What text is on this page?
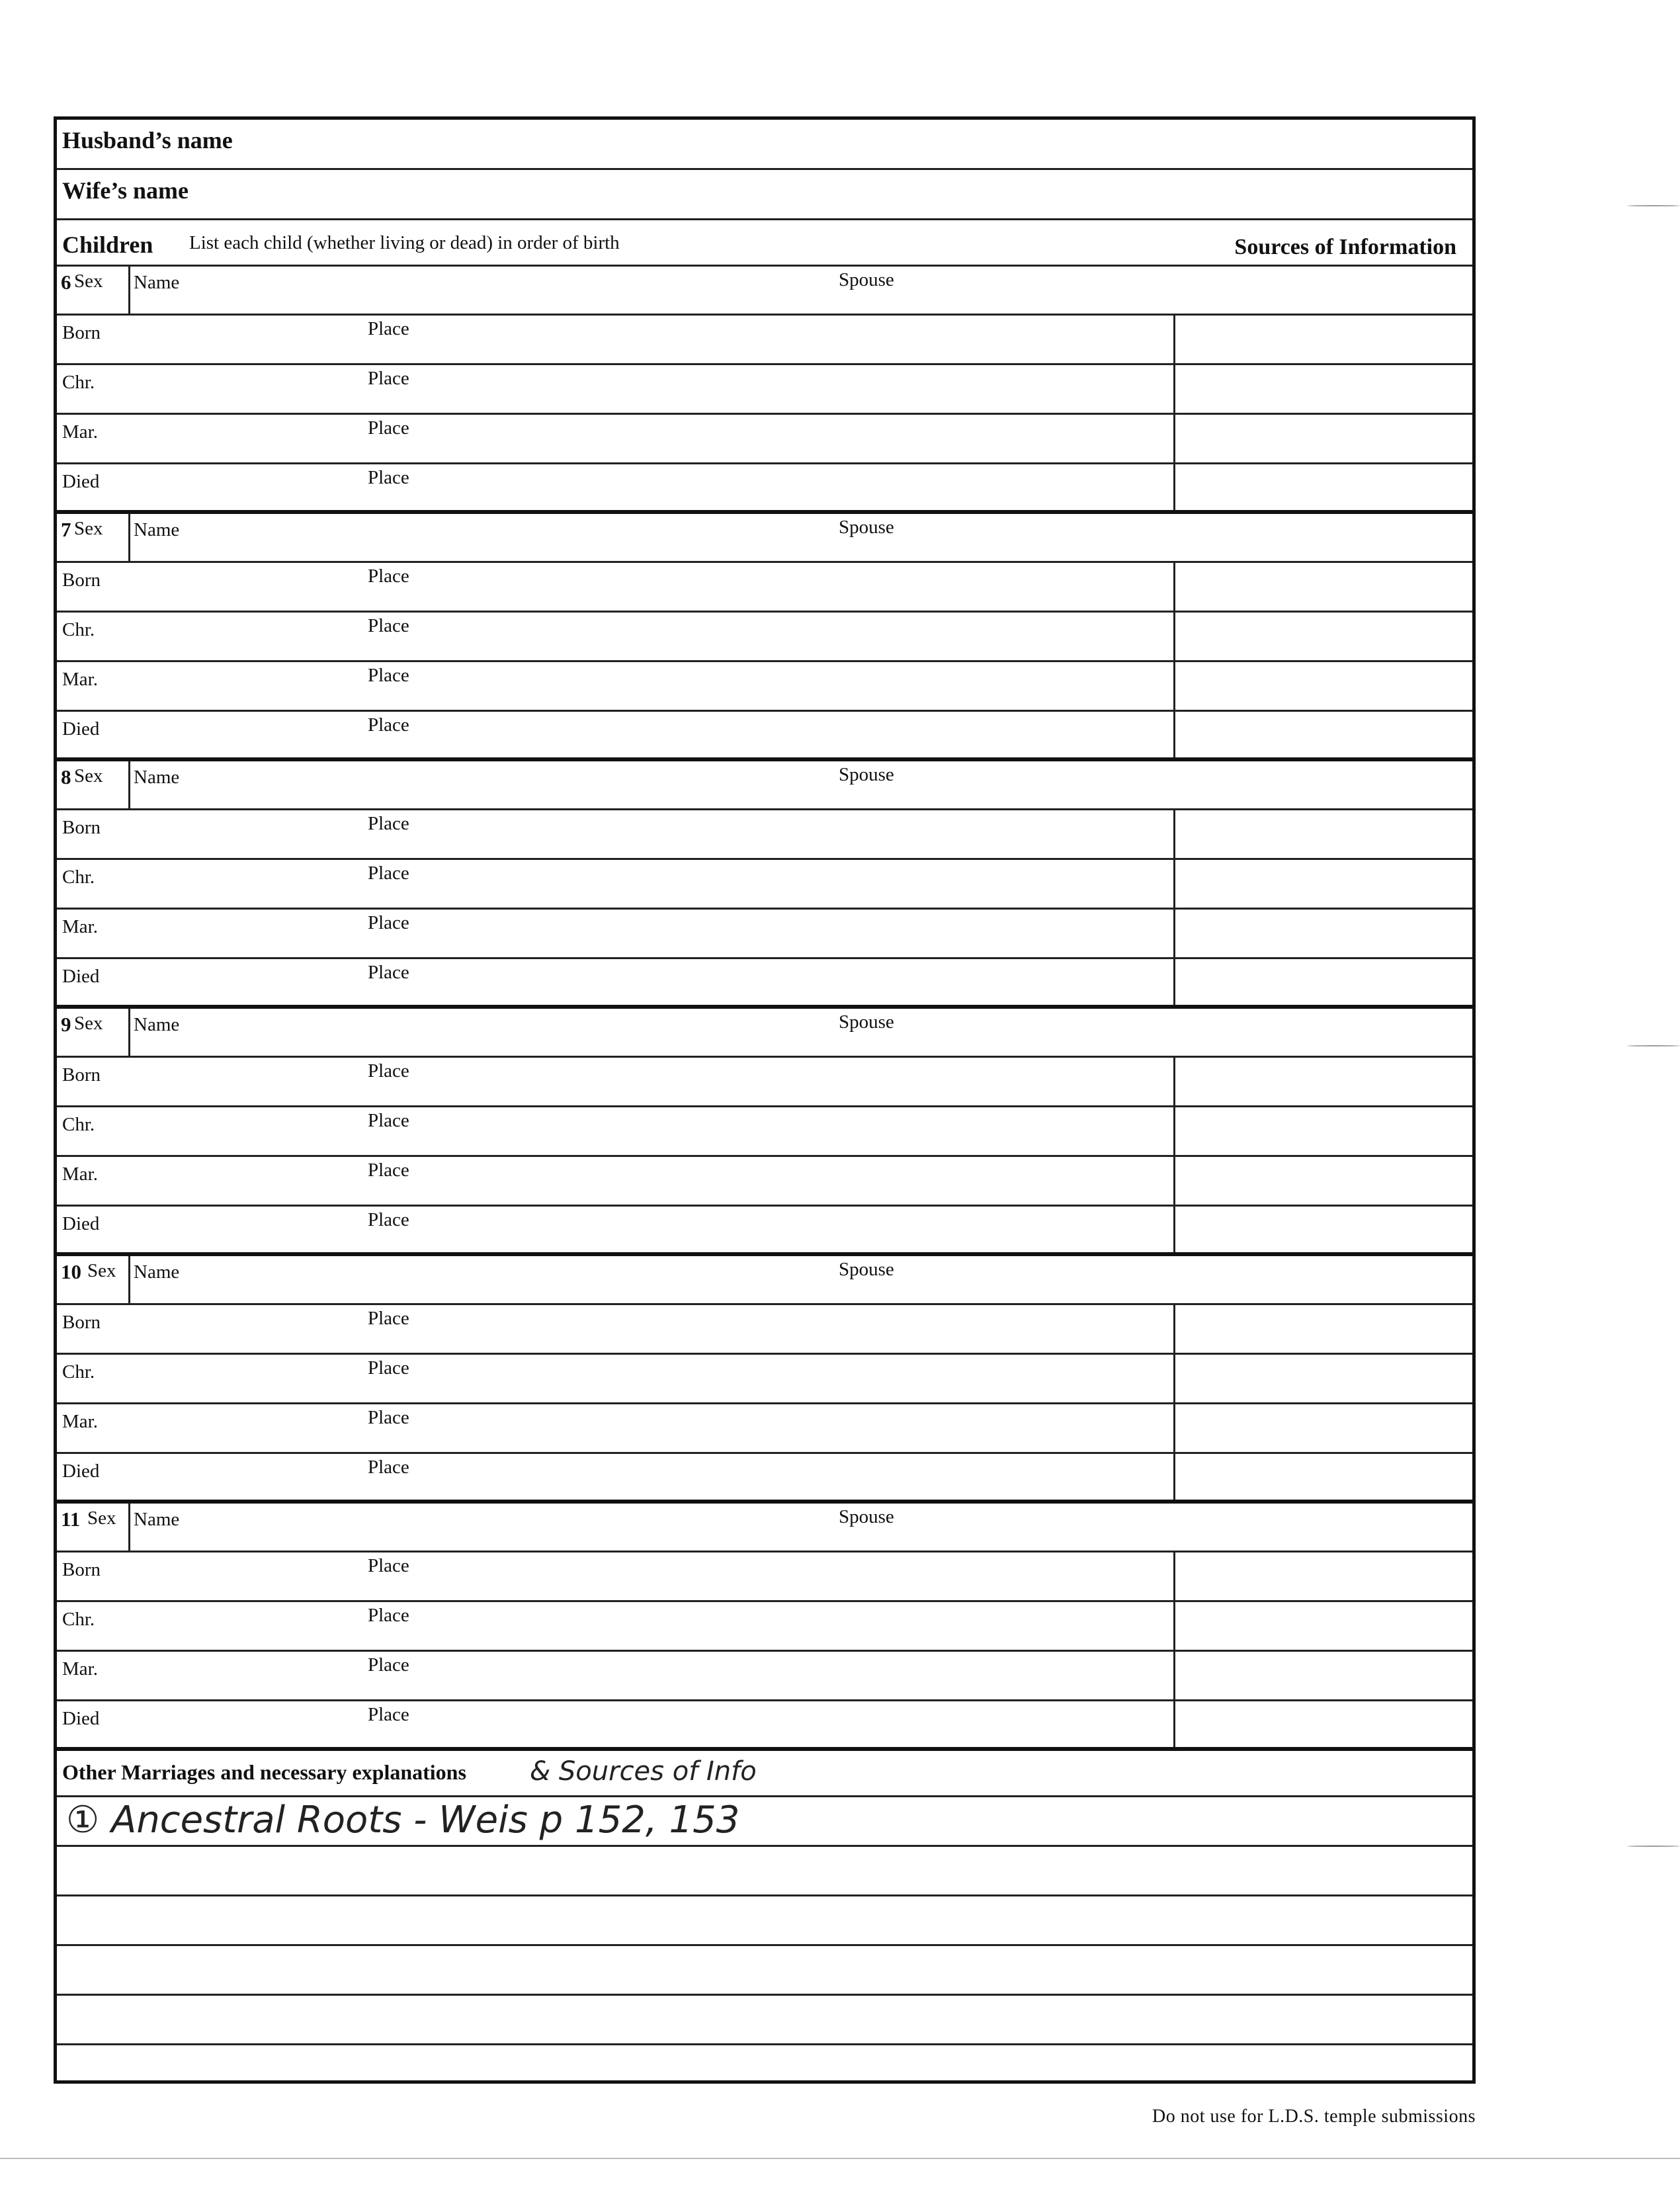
Husband’s name
Wife’s name
Children List each child (whether living or dead) in order of birth	Sources of Information
6 Sex Name	Spouse
Born	Place
Chr.	Place
Mar.	Place
Died	Place
7 Sex Name	Spouse
Born	Place
Chr.	Place
Mar.	Place
Died	Place
8 Sex Name	Spouse
Born	Place
Chr.	Place
Mar.	Place
Died	Place
9 Sex Name	Spouse
Born	Place
Chr.	Place
Mar.	Place
Died	Place
10 Sex Name	Spouse
Born	Place
Chr.	Place
Mar.	Place
Died	Place
11 Sex Name	Spouse
Born	Place
Chr.	Place
Mar.	Place
Died	Place
Other Marriages and necessary explanations & Sources of Info
① Ancestral Roots - Weis p 152, 153
Do not use for L.D.S. temple submissions
